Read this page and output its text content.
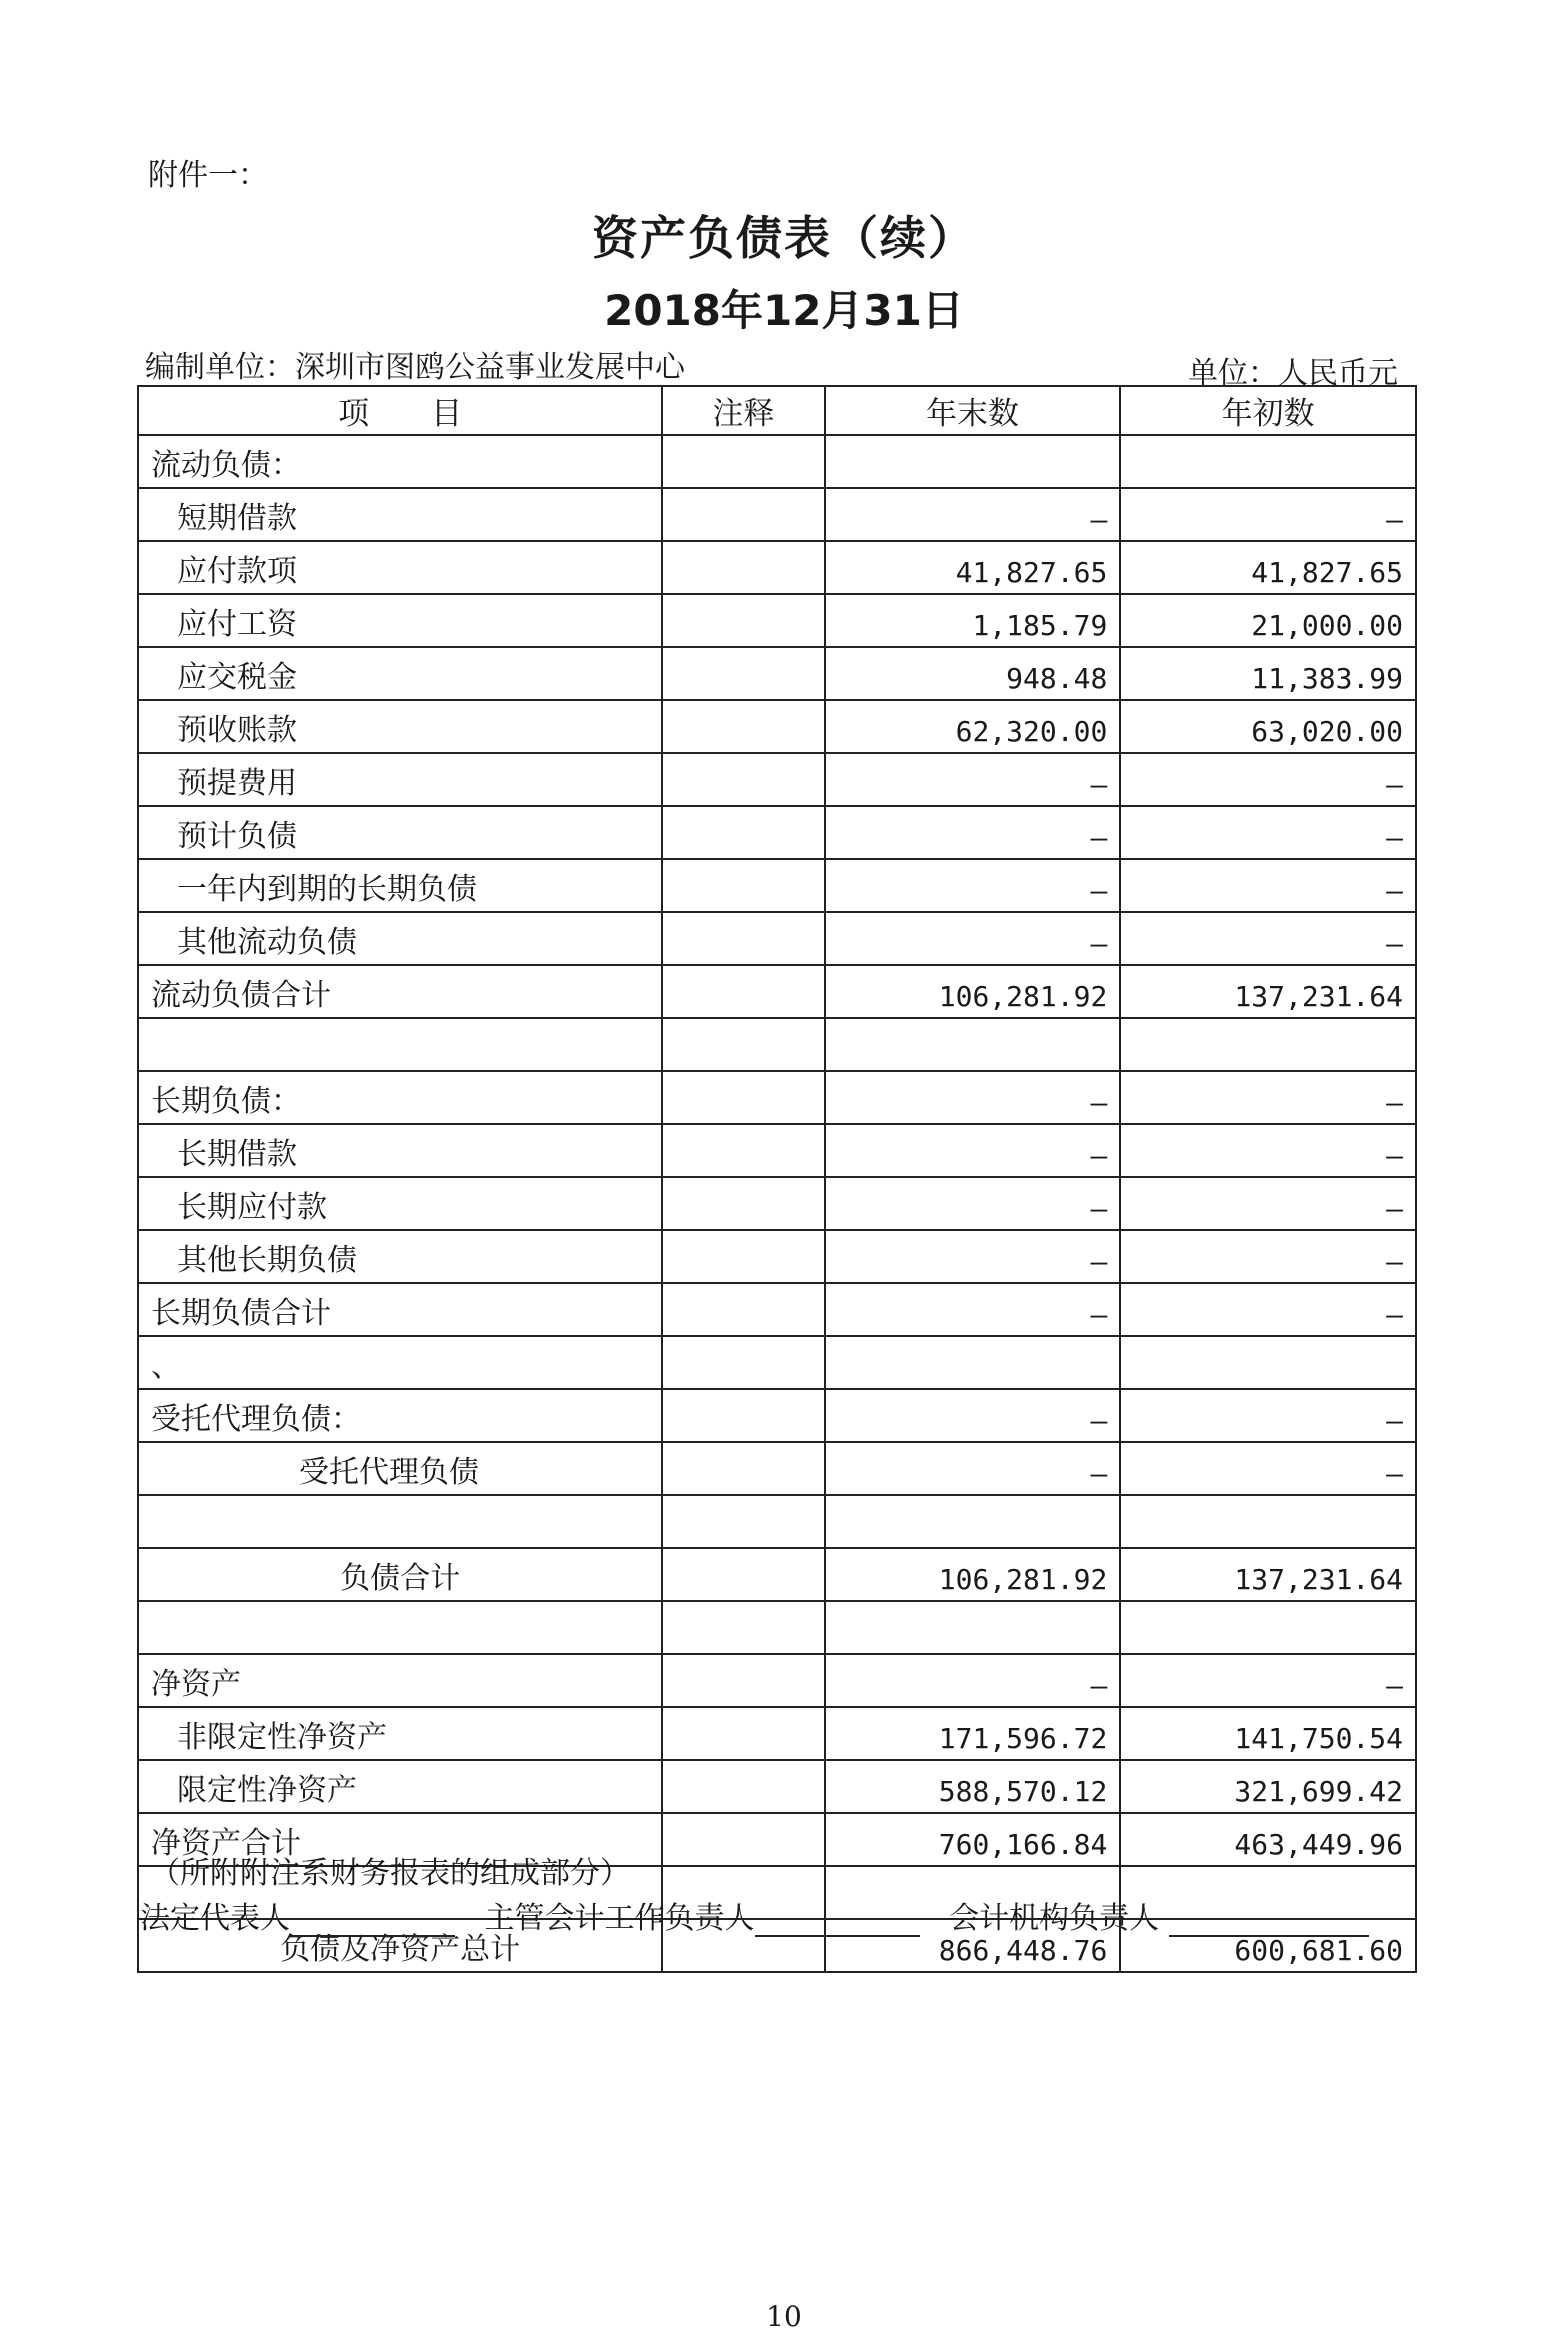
附件一：
资产负债表（续）
2018年12月31日
编制单位：深圳市图鸥公益事业发展中心	单位：人民币元
项　　目	注释	年末数	年初数
流动负债：			
短期借款		–	–
应付款项		41,827.65	41,827.65
应付工资		1,185.79	21,000.00
应交税金		948.48	11,383.99
预收账款		62,320.00	63,020.00
预提费用		–	–
预计负债		–	–
一年内到期的长期负债		–	–
其他流动负债		–	–
流动负债合计		106,281.92	137,231.64

长期负债：		–	–
长期借款		–	–
长期应付款		–	–
其他长期负债		–	–
长期负债合计		–	–
、			
受托代理负债：		–	–
受托代理负债		–	–

负债合计		106,281.92	137,231.64

净资产		–	–
非限定性净资产		171,596.72	141,750.54
限定性净资产		588,570.12	321,699.42
净资产合计		760,166.84	463,449.96

负债及净资产总计		866,448.76	600,681.60
（所附附注系财务报表的组成部分）
法定代表人	主管会计工作负责人	会计机构负责人
10
